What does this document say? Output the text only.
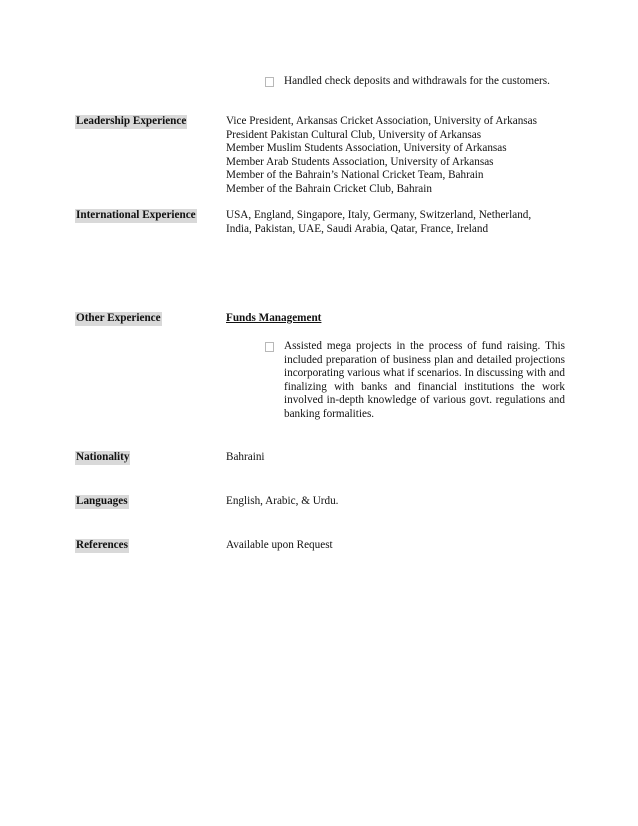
Handled check deposits and withdrawals for the customers.
Leadership Experience	Vice President, Arkansas Cricket Association, University of Arkansas
President Pakistan Cultural Club, University of Arkansas
Member Muslim Students Association, University of Arkansas
Member Arab Students Association, University of Arkansas
Member of the Bahrain’s National Cricket Team, Bahrain
Member of the Bahrain Cricket Club, Bahrain
International Experience	USA, England, Singapore, Italy, Germany, Switzerland, Netherland,
India, Pakistan, UAE, Saudi Arabia, Qatar, France, Ireland
Other Experience	Funds Management
Assisted mega projects in the process of fund raising. This included preparation of business plan and detailed projections incorporating various what if scenarios. In discussing with and finalizing with banks and financial institutions the work involved in-depth knowledge of various govt. regulations and banking formalities.
Nationality	Bahraini
Languages	English, Arabic, & Urdu.
References	Available upon Request
